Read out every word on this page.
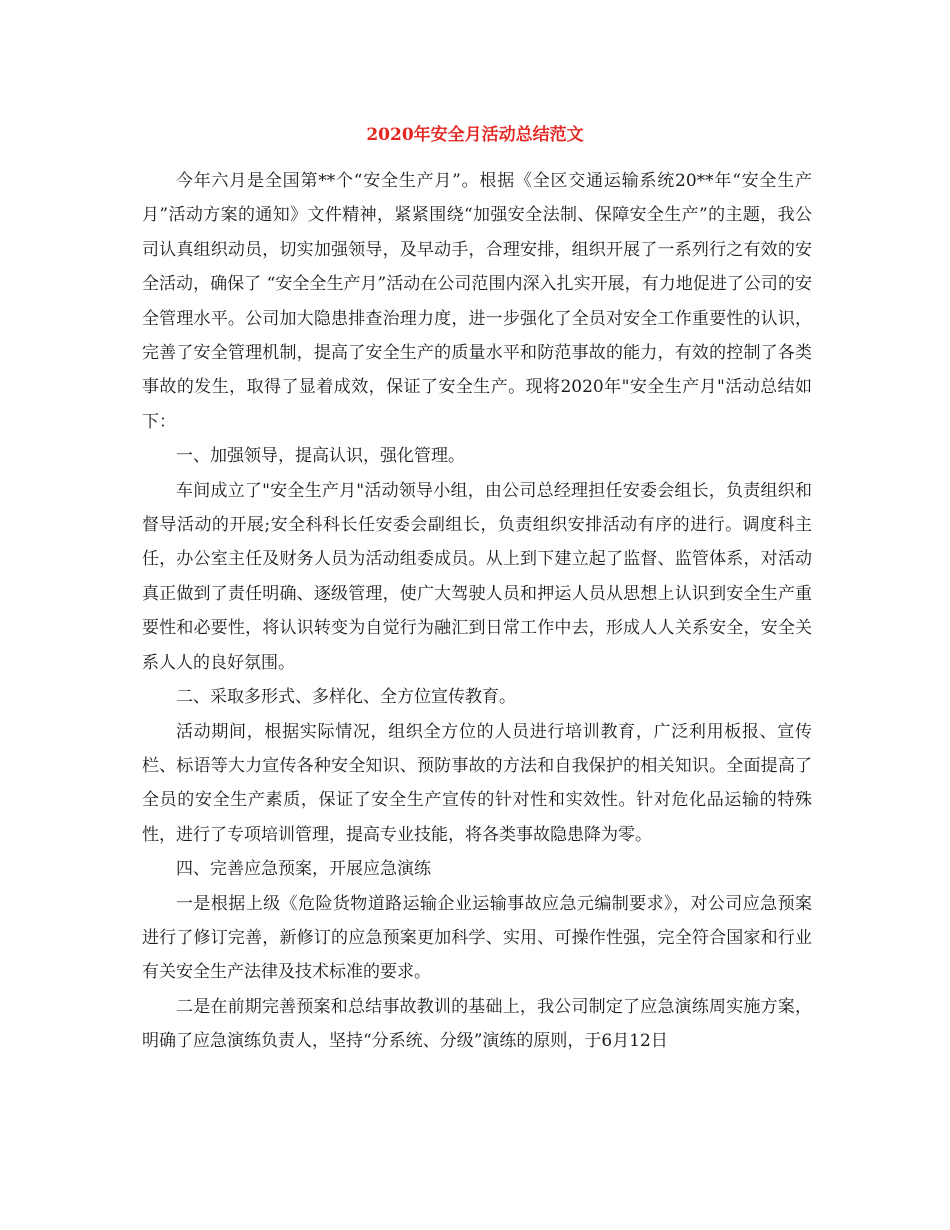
2020年安全月活动总结范文

今年六月是全国第**个“安全生产月”。根据《全区交通运输系统20**年“安全生产月”活动方案的通知》文件精神，紧紧围绕“加强安全法制、保障安全生产”的主题，我公司认真组织动员，切实加强领导，及早动手，合理安排，组织开展了一系列行之有效的安全活动，确保了 “安全全生产月”活动在公司范围内深入扎实开展，有力地促进了公司的安全管理水平。公司加大隐患排查治理力度，进一步强化了全员对安全工作重要性的认识，完善了安全管理机制，提高了安全生产的质量水平和防范事故的能力，有效的控制了各类事故的发生，取得了显着成效，保证了安全生产。现将2020年"安全生产月"活动总结如下：

一、加强领导，提高认识，强化管理。

车间成立了"安全生产月"活动领导小组，由公司总经理担任安委会组长，负责组织和督导活动的开展;安全科科长任安委会副组长，负责组织安排活动有序的进行。调度科主任，办公室主任及财务人员为活动组委成员。从上到下建立起了监督、监管体系，对活动真正做到了责任明确、逐级管理，使广大驾驶人员和押运人员从思想上认识到安全生产重要性和必要性，将认识转变为自觉行为融汇到日常工作中去，形成人人关系安全，安全关系人人的良好氛围。

二、采取多形式、多样化、全方位宣传教育。

活动期间，根据实际情况，组织全方位的人员进行培训教育，广泛利用板报、宣传栏、标语等大力宣传各种安全知识、预防事故的方法和自我保护的相关知识。全面提高了全员的安全生产素质，保证了安全生产宣传的针对性和实效性。针对危化品运输的特殊性，进行了专项培训管理，提高专业技能，将各类事故隐患降为零。

四、完善应急预案，开展应急演练

一是根据上级《危险货物道路运输企业运输事故应急元编制要求》，对公司应急预案进行了修订完善，新修订的应急预案更加科学、实用、可操作性强，完全符合国家和行业有关安全生产法律及技术标准的要求。

二是在前期完善预案和总结事故教训的基础上，我公司制定了应急演练周实施方案，明确了应急演练负责人，坚持“分系统、分级”演练的原则，于6月12日
